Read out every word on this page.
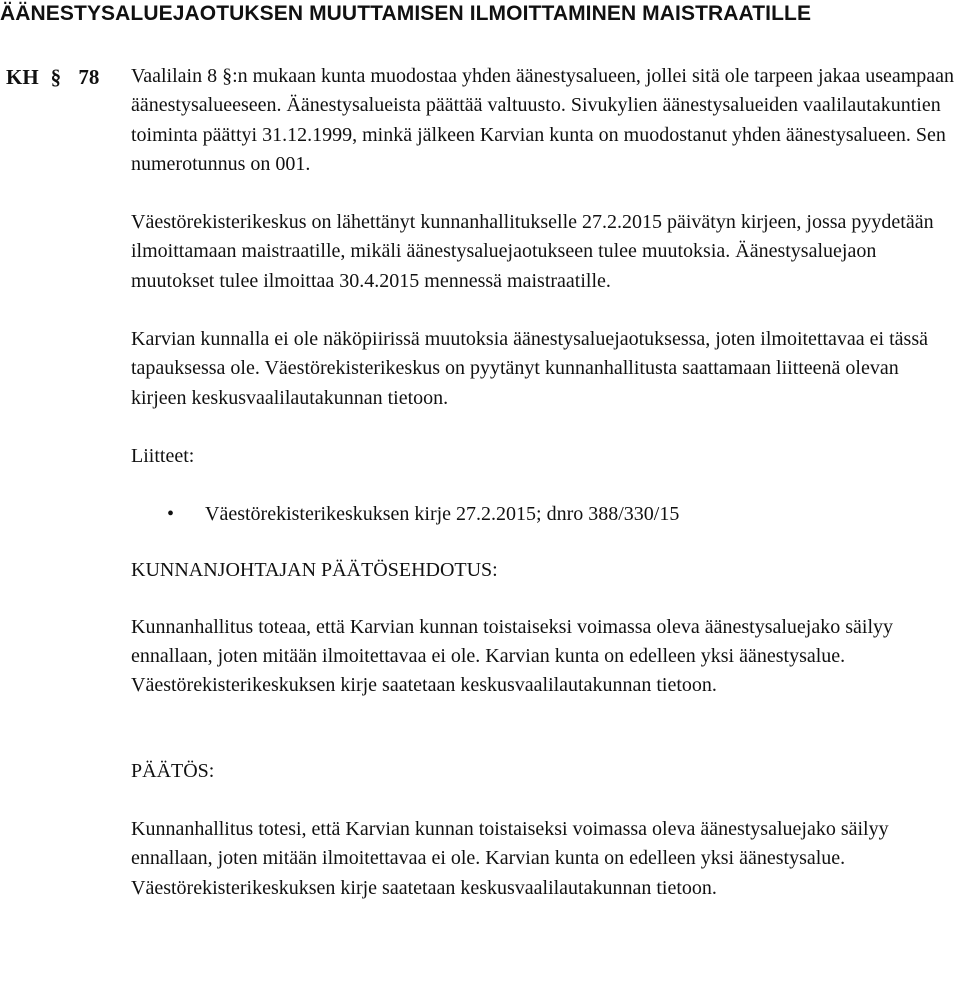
ÄÄNESTYSALUEJAOTUKSEN MUUTTAMISEN ILMOITTAMINEN MAISTRAATILLE
KH § 78 Vaalilain 8 §:n mukaan kunta muodostaa yhden äänestysalueen, jollei sitä ole tarpeen jakaa useampaan äänestysalueeseen. Äänestysalueista päättää valtuusto. Sivukylien äänestysalueiden vaalilautakuntien toiminta päättyi 31.12.1999, minkä jälkeen Karvian kunta on muodostanut yhden äänestysalueen. Sen numerotunnus on 001.

Väestörekisterikeskus on lähettänyt kunnanhallitukselle 27.2.2015 päivätyn kirjeen, jossa pyydetään ilmoittamaan maistraatille, mikäli äänestysaluejaotukseen tulee muutoksia. Äänestysaluejaon muutokset tulee ilmoittaa 30.4.2015 mennessä maistraatille.

Karvian kunnalla ei ole näköpiirissä muutoksia äänestysaluejaotuksessa, joten ilmoitettavaa ei tässä tapauksessa ole. Väestörekisterikeskus on pyytänyt kunnanhallitusta saattamaan liitteenä olevan kirjeen keskusvaalilautakunnan tietoon.

Liitteet:

• Väestörekisterikeskuksen kirje 27.2.2015; dnro 388/330/15

KUNNANJOHTAJAN PÄÄTÖSEHDOTUS:

Kunnanhallitus toteaa, että Karvian kunnan toistaiseksi voimassa oleva äänestysaluejako säilyy ennallaan, joten mitään ilmoitettavaa ei ole. Karvian kunta on edelleen yksi äänestysalue. Väestörekisterikeskuksen kirje saatetaan keskusvaalilautakunnan tietoon.

PÄÄTÖS:

Kunnanhallitus totesi, että Karvian kunnan toistaiseksi voimassa oleva äänestysaluejako säilyy ennallaan, joten mitään ilmoitettavaa ei ole. Karvian kunta on edelleen yksi äänestysalue. Väestörekisterikeskuksen kirje saatetaan keskusvaalilautakunnan tietoon.
